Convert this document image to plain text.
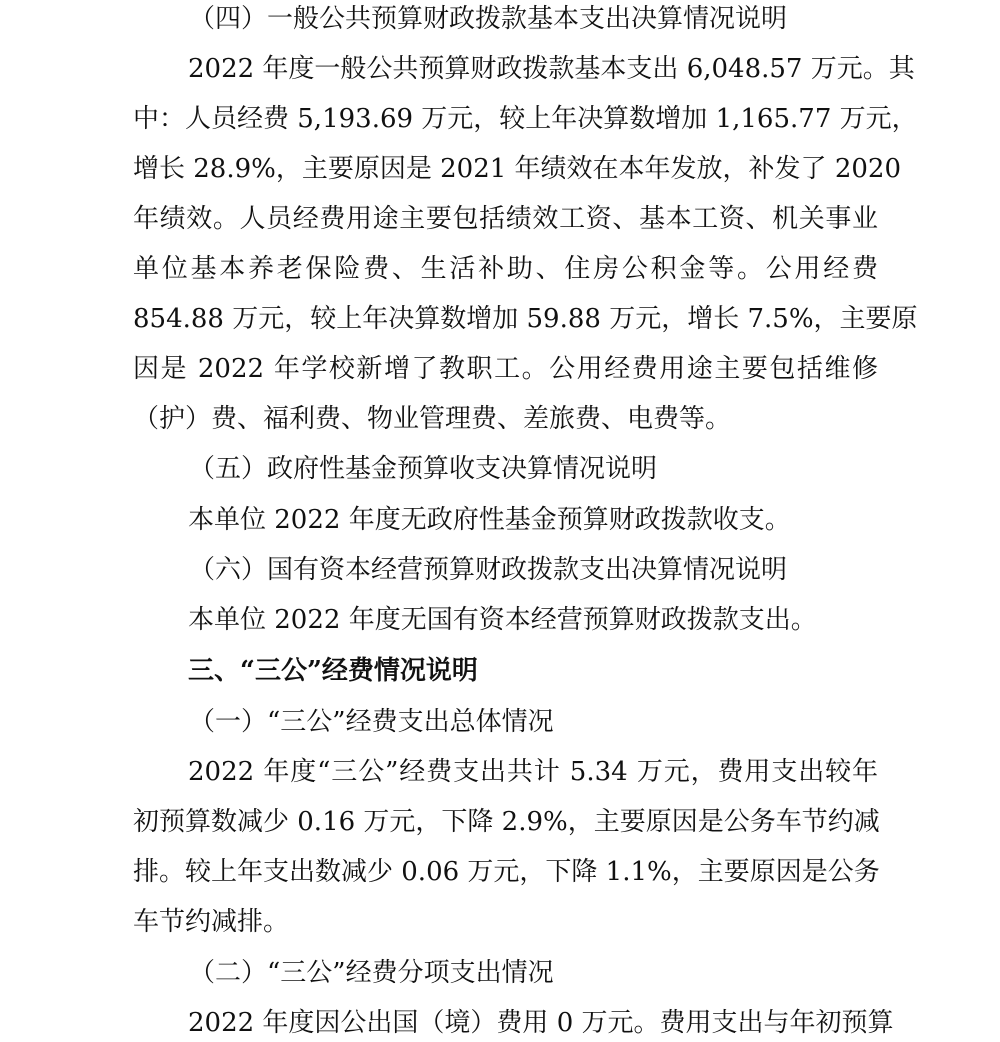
（四）一般公共预算财政拨款基本支出决算情况说明
2022 年度一般公共预算财政拨款基本支出 6,048.57 万元。其
中：人员经费 5,193.69 万元，较上年决算数增加 1,165.77 万元，
增长 28.9%，主要原因是 2021 年绩效在本年发放，补发了 2020
年绩效。人员经费用途主要包括绩效工资、基本工资、机关事业
单位基本养老保险费、生活补助、住房公积金等。公用经费
854.88 万元，较上年决算数增加 59.88 万元，增长 7.5%，主要原
因是 2022 年学校新增了教职工。公用经费用途主要包括维修
（护）费、福利费、物业管理费、差旅费、电费等。
（五）政府性基金预算收支决算情况说明
本单位 2022 年度无政府性基金预算财政拨款收支。
（六）国有资本经营预算财政拨款支出决算情况说明
本单位 2022 年度无国有资本经营预算财政拨款支出。
三、“三公”经费情况说明
（一）“三公”经费支出总体情况
2022 年度“三公”经费支出共计 5.34 万元，费用支出较年
初预算数减少 0.16 万元，下降 2.9%，主要原因是公务车节约减
排。较上年支出数减少 0.06 万元，下降 1.1%，主要原因是公务
车节约减排。
（二）“三公”经费分项支出情况
2022 年度因公出国（境）费用 0 万元。费用支出与年初预算
